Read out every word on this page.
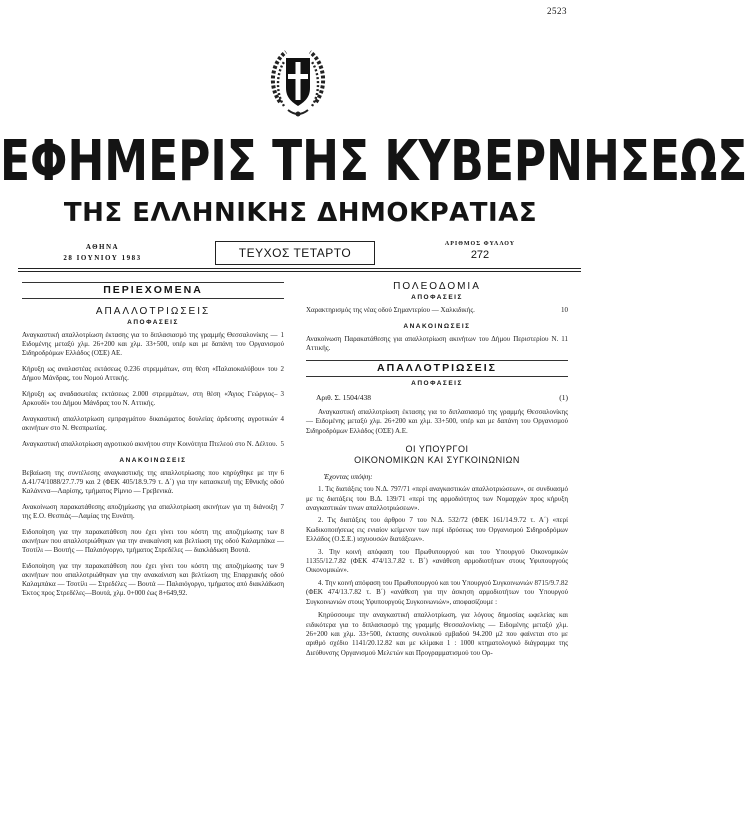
2523
ΕΦΗΜΕΡΙΣ ΤΗΣ ΚΥΒΕΡΝΗΣΕΩΣ
ΤΗΣ ΕΛΛΗΝΙΚΗΣ ΔΗΜΟΚΡΑΤΙΑΣ
ΑΘΗΝΑ
28 ΙΟΥΝΙΟΥ 1983	ΤΕΥΧΟΣ ΤΕΤΑΡΤΟ
ΑΡΙΘΜΟΣ ΦΥΛΛΟΥ
272
ΠΕΡΙΕΧΟΜΕΝΑ
ΑΠΑΛΛΟΤΡΙΩΣΕΙΣ
ΑΠΟΦΑΣΕΙΣ
1
Αναγκαστική απαλλοτρίωση έκτασης για το διπλασιασμό της γραμμής Θεσσαλονίκης — Ειδομένης μεταξύ χλμ. 26+200 και χλμ. 33+500, υπέρ και με δαπάνη του Οργανισμού Σιδηροδρόμων Ελλάδος (ΟΣΕ) ΑΕ.
2
Κήρυξη ως αναλαστέας εκτάσεως 0.236 στρεμμάτων, στη θέση «Παλαιοκαλύβου» του Δήμου Μάνδρας, του Νομού Αττικής.
3
Κήρυξη ως αναδασωτέας εκτάσεως 2.000 στρεμμάτων, στη θέση «Άγιος Γεώργιος–Αρκουδί» του Δήμου Μάνδρας του Ν. Αττικής.
4
Αναγκαστική απαλλοτρίωση εμπραγμάτου δικαιώματος δουλείας άρδευσης αγροτικών ακινήτων στο Ν. Θεσπρωτίας.
5
Αναγκαστική απαλλοτρίωση αγροτικού ακινήτου στην Κοινότητα Πτελεού στο Ν. Δέλτου.
ΑΝΑΚΟΙΝΩΣΕΙΣ
6
Βεβαίωση της συντέλεσης αναγκαστικής της απαλλοτρίωσης που κηρύχθηκε με την Δ.41/74/1088/27.7.79 και 2 (ΦΕΚ 405/18.9.79 τ. Δ΄) για την κατασκευή της Εθνικής οδού Καλάνενα—Λαρίσης, τμήματος Ρίμνιο — Γρεβενικά.
7
Ανακοίνωση παρακατάθεσης αποζημίωσης για απαλλοτρίωση ακινήτων για τη διάνοιξη της Ε.Ο. Θεσπιάς—Λαμίας της Ευνάτη.
8
Ειδοποίηση για την παρακατάθεση που έχει γίνει του κόστη της αποζημίωσης των ακινήτων που απαλλοτριώθηκαν για την ανακαίνιση και βελτίωση της οδού Καλαμπάκα — Τσοτίλι — Βουτής — Παλαιόγοργο, τμήματος Στρεδέλες — διακλάδωση Βουτά.
9
Ειδοποίηση για την παρακατάθεση που έχει γίνει του κόστη της αποζημίωσης των ακινήτων που απαλλοτριώθηκαν για την ανακαίνιση και βελτίωση της Επαρχιακής οδού Καλαμπάκα — Τσοτίλι — Στρεδέλες — Βουτά — Παλαιόγοργο, τμήματος από διακλάδωση Έκτος προς Στρεδέλες—Βουτά, χλμ. 0+000 έως 8+649,92.
ΠΟΛΕΟΔΟΜΙΑ
ΑΠΟΦΑΣΕΙΣ
10
Χαρακτηρισμός της νέας οδού Σημαντερίου — Χαλκιδικής.
ΑΝΑΚΟΙΝΩΣΕΙΣ
11
Ανακοίνωση Παρακατάθεσης για απαλλοτρίωση ακινήτων του Δήμου Περιστερίου Ν. Αττικής.
ΑΠΑΛΛΟΤΡΙΩΣΕΙΣ
ΑΠΟΦΑΣΕΙΣ
(1)
Αριθ. Σ. 1504/438
Αναγκαστική απαλλοτρίωση έκτασης για το διπλασιασμό της γραμμής Θεσσαλονίκης — Ειδομένης μεταξύ χλμ. 26+200 και χλμ. 33+500, υπέρ και με δαπάνη του Οργανισμού Σιδηροδρόμων Ελλάδος (ΟΣΕ) Α.Ε.
ΟΙ ΥΠΟΥΡΓΟΙ
ΟΙΚΟΝΟΜΙΚΩΝ ΚΑΙ ΣΥΓΚΟΙΝΩΝΙΩΝ
Έχοντας υπόψη:
1. Τις διατάξεις του Ν.Δ. 797/71 «περί αναγκαστικών απαλλοτριώσεων», σε συνδυασμό με τις διατάξεις του Β.Δ. 139/71 «περί της αρμοδιότητος των Νομαρχών προς κήρυξη αναγκαστικών τινων απαλλοτριώσεων».
2. Τις διατάξεις του άρθρου 7 του Ν.Δ. 532/72 (ΦΕΚ 161/14.9.72 τ. Α΄) «περί Κωδικοποιήσεως εις ενιαίον κείμενον των περί ιδρύσεως του Οργανισμού Σιδηροδρόμων Ελλάδος (Ο.Σ.Ε.) ισχυουσών διατάξεων».
3. Την κοινή απόφαση του Πρωθυπουργού και του Υπουργού Οικονομικών 11355/12.7.82 (ΦΕΚ 474/13.7.82 τ. Β΄) «ανάθεση αρμοδιοτήτων στους Υφυπουργούς Οικονομικών».
4. Την κοινή απόφαση του Πρωθυπουργού και του Υπουργού Συγκοινωνιών 8715/9.7.82 (ΦΕΚ 474/13.7.82 τ. Β΄) «ανάθεση για την άσκηση αρμοδιοτήτων του Υπουργού Συγκοινωνιών στους Υφυπουργούς Συγκοινωνιών», αποφασίζουμε :
Κηρύσσουμε την αναγκαστική απαλλοτρίωση, για λόγους δημοσίας ωφελείας και ειδικότερα για το διπλασιασμό της γραμμής Θεσσαλονίκης — Ειδομένης μεταξύ χλμ. 26+200 και χλμ. 33+500, έκτασης συνολικού εμβαδού 94.200 μ2 που φαίνεται στο με αριθμό σχέδιο 1141/20.12.82 και με κλίμακα 1 : 1000 κτηματολογικό διάγραμμα της Διεύθυνσης Οργανισμού Μελετών και Προγραμματισμού του Ορ-
